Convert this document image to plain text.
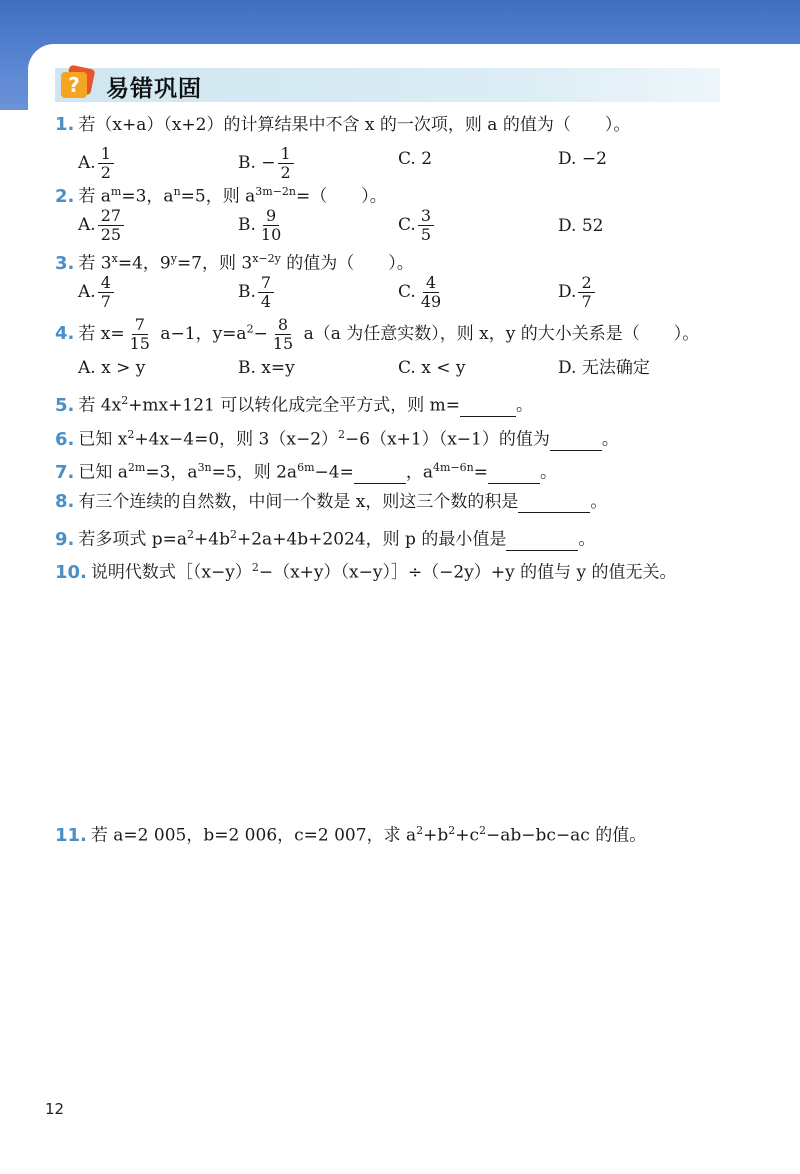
? 易错巩固
1. 若（x+a）（x+2）的计算结果中不含 x 的一次项，则 a 的值为（　　）。
A. $\frac{1}{2}$	B. − $\frac{1}{2}$	C. 2	D. −2
2. 若 $a^m=3$，$a^n=5$，则 $a^{3m-2n}=$（　　）。
A. $\frac{27}{25}$	B. $\frac{9}{10}$	C. $\frac{3}{5}$	D. 52
3. 若 $3^x=4$，$9^y=7$，则 $3^{x-2y}$ 的值为（　　）。
A. $\frac{4}{7}$	B. $\frac{7}{4}$	C. $\frac{4}{49}$	D. $\frac{2}{7}$
4. 若 $x= \frac{7}{15} a-1$，$y=a^2- \frac{8}{15} a(a$ 为任意实数），则 x，y 的大小关系是（　　）。
A. x > y	B. x=y	C. x < y	D. 无法确定
5. 若 $4x^2+mx+121$ 可以转化成完全平方式，则 m=	。
6. 已知 $x^2+4x-4=0$，则 $3(x-2)^2-6(x+1)(x-1)$的值为	。
7. 已知 $a^{2m}=3$，$a^{3n}=5$，则 $2a^{6m}-4=$	，$a^{4m-6n}=$	。
8. 有三个连续的自然数，中间一个数是 x，则这三个数的积是	。
9. 若多项式 $p=a^2+4b^2+2a+4b+2024$，则 p 的最小值是	。
10. 说明代数式$[(x-y)^2-(x+y)(x-y)]\div(-2y)+y$ 的值与 y 的值无关。
11. 若 a=2 005，b=2 006，c=2 007，求 $a^2+b^2+c^2-ab-bc-ac$ 的值。
12
